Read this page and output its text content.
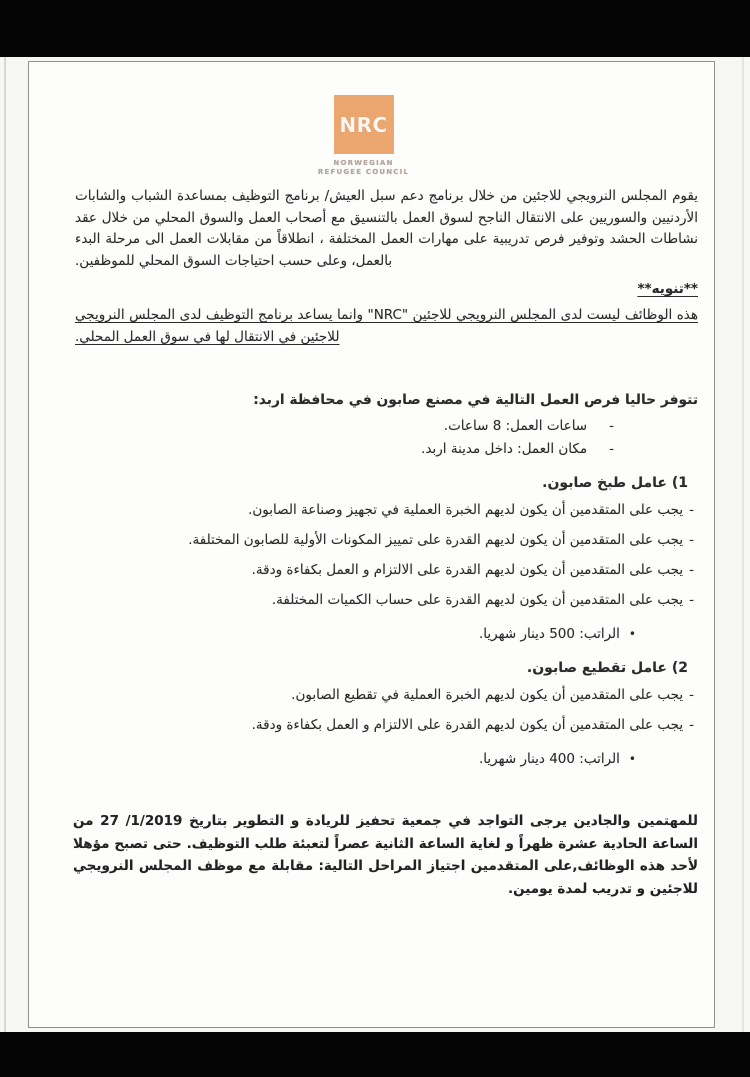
NRC
NORWEGIAN
REFUGEE COUNCIL

يقوم المجلس النرويجي للاجئين من خلال برنامج دعم سبل العيش/ برنامج التوظيف بمساعدة الشباب والشابات الأردنيين والسوريين على الانتقال الناجح لسوق العمل بالتنسيق مع أصحاب العمل والسوق المحلي من خلال عقد نشاطات الحشد وتوفير فرص تدريبية على مهارات العمل المختلفة ، انطلاقاً من مقابلات العمل الى مرحلة البدء بالعمل، وعلى حسب احتياجات السوق المحلي للموظفين.

**تنويه**

هذه الوظائف ليست لدى المجلس النرويجي للاجئين "NRC" وانما يساعد برنامج التوظيف لدى المجلس النرويجي للاجئين في الانتقال لها في سوق العمل المحلي.

تتوفر حاليا فرص العمل التالية في مصنع صابون في محافظة اربد:
-
ساعات العمل: 8 ساعات.
-
مكان العمل: داخل مدينة اربد.
1) عامل طبخ صابون.
-
يجب على المتقدمين أن يكون لديهم الخبرة العملية في تجهيز وصناعة الصابون.
-
يجب على المتقدمين أن يكون لديهم القدرة على تمييز المكونات الأولية للصابون المختلفة.
-
يجب على المتقدمين أن يكون لديهم القدرة على الالتزام و العمل بكفاءة ودقة.
-
يجب على المتقدمين أن يكون لديهم القدرة على حساب الكميات المختلفة.
•
الراتب: 500 دينار شهريا.
2) عامل تقطيع صابون.
-
يجب على المتقدمين أن يكون لديهم الخبرة العملية في تقطيع الصابون.
-
يجب على المتقدمين أن يكون لديهم القدرة على الالتزام و العمل بكفاءة ودقة.
•
الراتب: 400 دينار شهريا.

للمهتمين والجادين يرجى التواجد في جمعية تحفيز للريادة و التطوير بتاريخ ‪27 /1/2019‬ من الساعة الحادية عشرة ظهراً و لغاية الساعة الثانية عصراً لتعبئة طلب التوظيف. حتى تصبح مؤهلا لأحد هذه الوظائف,على المتقدمين اجتياز المراحل التالية: مقابلة مع موظف المجلس النرويجي للاجئين و تدريب لمدة يومين.
